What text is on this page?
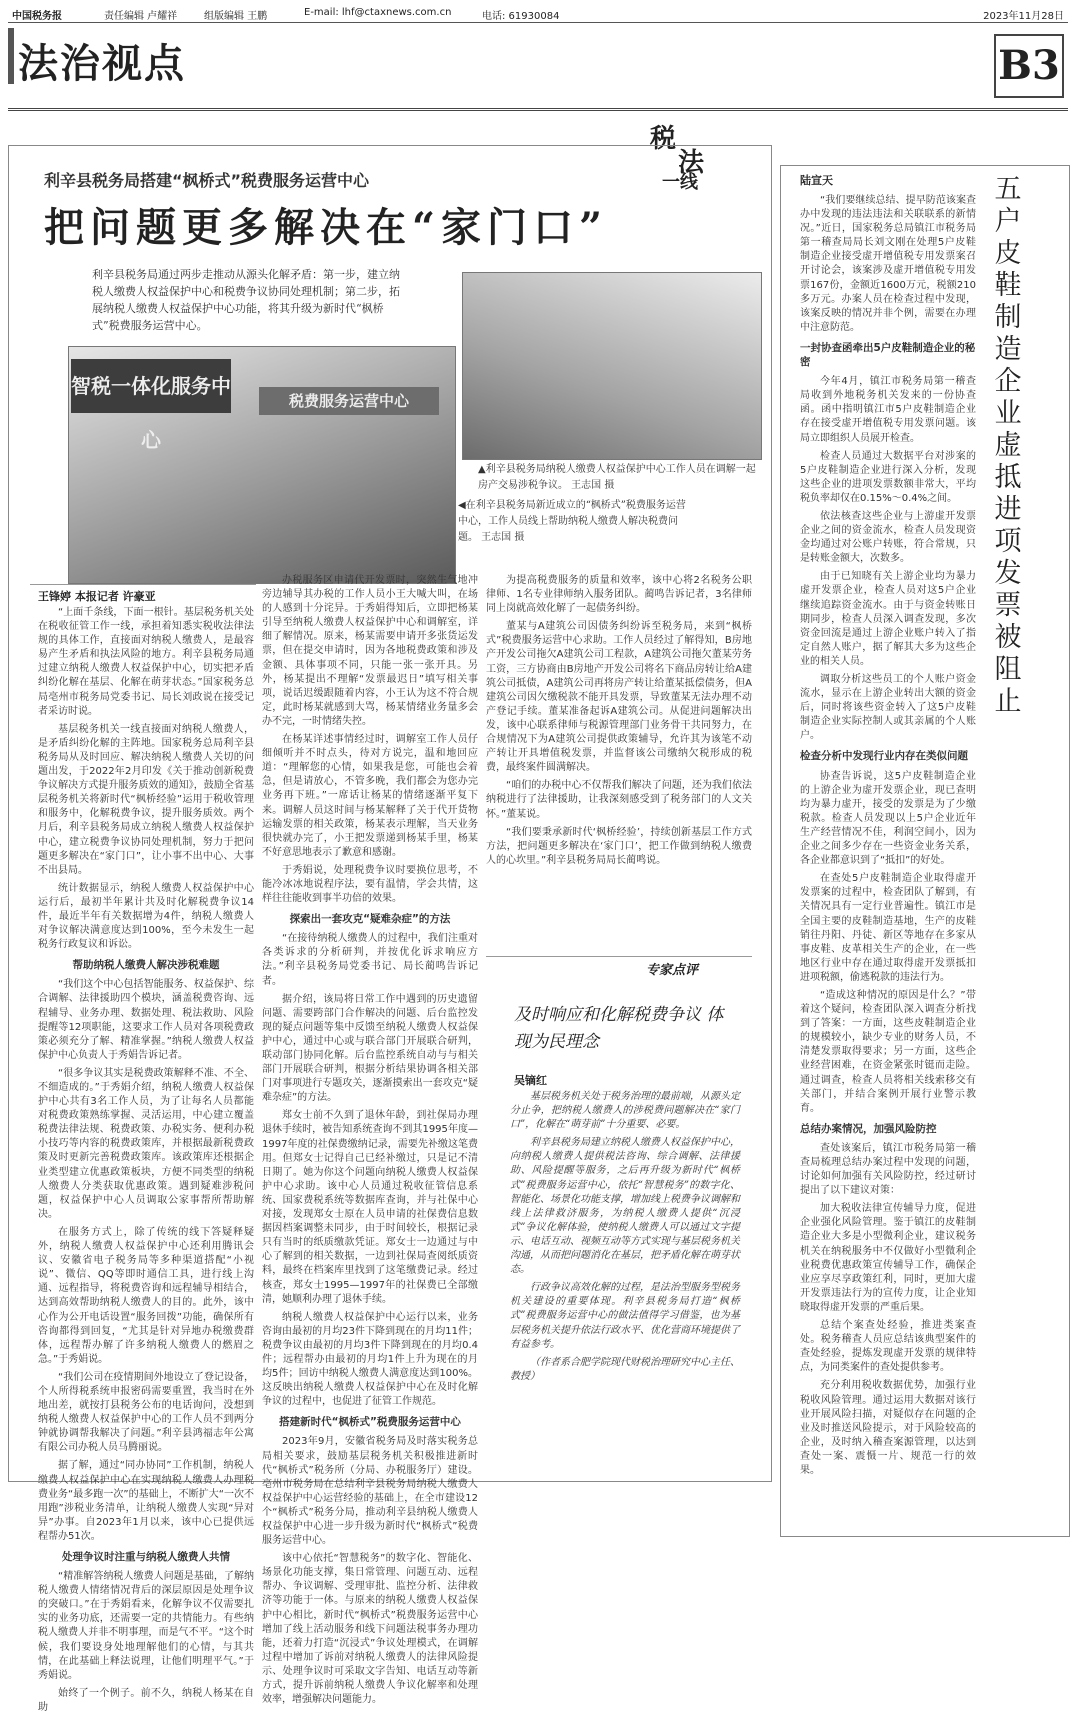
中国税务报	责任编辑 卢耀祥	组版编辑 王鹏	E-mail: lhf@ctaxnews.com.cn	电话: 61930084	2023年11月28日
法治视点	B3
税
法
一线
利辛县税务局搭建“枫桥式”税费服务运营中心
把问题更多解决在“家门口”
利辛县税务局通过两步走推动从源头化解矛盾：第一步，建立纳税人缴费人权益保护中心和税费争议协同处理机制；第二步，拓展纳税人缴费人权益保护中心功能，将其升级为新时代“枫桥式”税费服务运营中心。
智税一体化服务中心
税费服务运营中心
▲利辛县税务局纳税人缴费人权益保护中心工作人员在调解一起房产交易涉税争议。 王志国 摄
◀在利辛县税务局新近成立的“枫桥式”税费服务运营中心，工作人员线上帮助纳税人缴费人解决税费问题。 王志国 摄
王锋婷 本报记者 许豪亚

“上面千条线，下面一根针。基层税务机关处在税收征管工作一线，承担着知悉实税收法律法规的具体工作，直接面对纳税人缴费人，是最容易产生矛盾和执法风险的地方。利辛县税务局通过建立纳税人缴费人权益保护中心，切实把矛盾纠纷化解在基层、化解在萌芽状态。”国家税务总局亳州市税务局党委书记、局长刘政说在接受记者采访时说。

基层税务机关一线直接面对纳税人缴费人，是矛盾纠纷化解的主阵地。国家税务总局利辛县税务局从及时回应、解决纳税人缴费人关切的问题出发，于2022年2月印发《关于推动创新税费争议解决方式提升服务质效的通知》，鼓励全省基层税务机关将新时代“枫桥经验”运用于税收管理和服务中，化解税费争议，提升服务质效。两个月后，利辛县税务局成立纳税人缴费人权益保护中心，建立税费争议协同处理机制，努力于把问题更多解决在“家门口”，让小事不出中心、大事不出县局。

统计数据显示，纳税人缴费人权益保护中心运行后，最初半年累计共及时化解税费争议14件，最近半年有关数据增为4件，纳税人缴费人对争议解决满意度达到100%，至今未发生一起税务行政复议和诉讼。

帮助纳税人缴费人解决涉税难题

“我们这个中心包括智能服务、权益保护、综合调解、法律援助四个模块，涵盖税费咨询、远程辅导、业务办理、数据处理、税法救助、风险提醒等12项职能，这要求工作人员对各项税费政策必须充分了解、精准掌握。”纳税人缴费人权益保护中心负责人于秀娟告诉记者。

“很多争议其实是税费政策解释不准、不全、不细造成的。”于秀娟介绍，纳税人缴费人权益保护中心共有3名工作人员，为了让每名人员都能对税费政策熟练掌握、灵活运用，中心建立覆盖税费法律法规、税费政策、办税实务、便利办税小技巧等内容的税费政策库，并根据最新税费政策及时更新完善税费政策库。该政策库还根据企业类型建立优惠政策板块，方便不同类型的纳税人缴费人分类获取优惠政策。遇到疑难涉税问题，权益保护中心人员调取公家事帮所帮助解决。

在服务方式上，除了传统的线下答疑释疑外，纳税人缴费人权益保护中心还利用腾讯会议、安徽省电子税务局等多种渠道搭配“小视说”、微信、QQ等即时通信工具，进行线上沟通、远程指导，将税费咨询和远程辅导相结合，达到高效帮助纳税人缴费人的目的。此外，该中心作为公开电话设置“服务回拨”功能，确保所有咨询都得到回复，“尤其是针对异地办税缴费群体，远程帮办解了许多纳税人缴费人的燃眉之急。”于秀娟说。

“我们公司在疫情期间外地设立了登记设备，个人所得税系统申报密码需要重置，我当时在外地出差，就按打县税务公布的电话询问，没想到纳税人缴费人权益保护中心的工作人员不到两分钟就协调帮我解决了问题。”利辛县鸿福志年公寓有限公司办税人员马腾丽说。

据了解，通过“同办协同”工作机制，纳税人缴费人权益保护中心在实现纳税人缴费人办理税费业务“最多跑一次”的基础上，不断扩大“一次不用跑”涉税业务清单，让纳税人缴费人实现“异对异”办事。自2023年1月以来，该中心已提供远程帮办51次。

处理争议时注重与纳税人缴费人共情

“精准解答纳税人缴费人问题是基础，了解纳税人缴费人情绪情况背后的深层原因是处理争议的突破口。”在于秀娟看来，化解争议不仅需要扎实的业务功底，还需要一定的共情能力。有些纳税人缴费人并非不明事理，而是气不平。“这个时候，我们要设身处地理解他们的心情，与其共情，在此基础上释法说理，让他们明理平气。”于秀娟说。

始终了一个例子。前不久，纳税人杨某在自助

办税服务区申请代开发票时，突然生气地冲旁边辅导其办税的工作人员小王大喊大叫，在场的人感到十分诧异。于秀娟得知后，立即把杨某引导至纳税人缴费人权益保护中心和调解室，详细了解情况。原来，杨某需要申请开多张货运发票，但在提交申请时，因为各地税费政策和涉及金额、具体事项不同，只能一张一张开具。另外，杨某提出不理解“发票最迟日”填写相关事项，说话迟缓跟随着内容，小王认为这不符合规定，此时杨某就感到大骂，杨某情绪业务量多会办不完，一时情绪失控。

在杨某详述事情经过时，调解室工作人员仔细倾听并不时点头，待对方说完，温和地回应道：“理解您的心情，如果我是您，可能也会着急，但是请放心，不管多晚，我们都会为您办完业务再下班。”一席话让杨某的情绪逐渐平复下来。调解人员这时间与杨某解释了关于代开货物运输发票的相关政策，杨某表示理解，当天业务很快就办完了，小王把发票递到杨某手里，杨某不好意思地表示了歉意和感谢。

于秀娟说，处理税费争议时要换位思考，不能冷冰冰地说程序法，要有温情，学会共情，这样往往能收到事半功倍的效果。

探索出一套攻克“疑难杂症”的方法

“在接待纳税人缴费人的过程中，我们注重对各类诉求的分析研判，并按优化诉求响应方法。”利辛县税务局党委书记、局长蔺鸣告诉记者。

据介绍，该局将日常工作中遇到的历史遗留问题、需要跨部门合作解决的问题、后台监控发现的疑点问题等集中反馈至纳税人缴费人权益保护中心，通过中心或与联合部门开展联合研判，联动部门协同化解。后台监控系统自动与与相关部门开展联合研判，根据分析结果协调各相关部门对事项进行专题攻关，逐渐摸索出一套攻克“疑难杂症”的方法。

郑女士前不久到了退休年龄，到社保局办理退休手续时，被告知系统查询不到其1995年度—1997年度的社保费缴纳记录，需要先补缴这笔费用。但郑女士记得自己已经补缴过，只是记不清日期了。她为你这个问题向纳税人缴费人权益保护中心求助。该中心人员通过税收征管信息系统、国家费税系统等数据库查询，并与社保中心对接，发现郑女士原在人员申请的社保费信息数据因档案调整未同步，由于时间较长，根据记录只有当时的纸质缴款凭证。郑女士一边通过与中心了解到的相关数据，一边到社保局查阅纸质资料，最终在档案库里找到了这笔缴费记录。经过核查，郑女士1995—1997年的社保费已全部缴清，她顺利办理了退休手续。

纳税人缴费人权益保护中心运行以来，业务咨询由最初的月均23件下降到现在的月均11件；税费争议由最初的月均3件下降到现在的月均0.4件；远程帮办由最初的月均1件上升为现在的月均5件；回访中纳税人缴费人满意度达到100%。这反映出纳税人缴费人权益保护中心在及时化解争议的过程中，也促进了征管工作规范。

搭建新时代“枫桥式”税费服务运营中心

2023年9月，安徽省税务局及时落实税务总局相关要求，鼓励基层税务机关积极推进新时代“枫桥式”税务所（分局、办税服务厅）建设。亳州市税务局在总结利辛县税务局纳税人缴费人权益保护中心运营经验的基础上，在全市建设12个“枫桥式”税务分局，推动利辛县纳税人缴费人权益保护中心进一步升级为新时代“枫桥式”税费服务运营中心。

该中心依托“智慧税务”的数字化、智能化、场景化功能支撑，集日常管理、问题互动、远程帮办、争议调解、受理审批、监控分析、法律救济等功能于一体。与原来的纳税人缴费人权益保护中心相比，新时代“枫桥式”税费服务运营中心增加了线上活动服务和线下问题法税事务办理功能，还着力打造“沉浸式”争议处理模式，在调解过程中增加了诉前对纳税人缴费人的法律风险提示、处理争议时可采取文字告知、电话互动等新方式，提升诉前纳税人缴费人争议化解率和处理效率，增强解决问题能力。

为提高税费服务的质量和效率，该中心将2名税务公职律师、1名专业律师纳入服务团队。蔺鸣告诉记者，3名律师同上岗就高效化解了一起债务纠纷。

董某与A建筑公司因债务纠纷诉至税务局，来到“枫桥式”税费服务运营中心求助。工作人员经过了解得知，B房地产开发公司拖欠A建筑公司工程款，A建筑公司拖欠董某劳务工资，三方协商由B房地产开发公司将名下商品房转让给A建筑公司抵债，A建筑公司再将房产转让给董某抵偿债务，但A建筑公司因欠缴税款不能开具发票，导致董某无法办理不动产登记手续。董某准备起诉A建筑公司。从促进问题解决出发，该中心联系律师与税源管理部门业务骨干共同努力，在合规情况下为A建筑公司提供政策辅导，允许其为该笔不动产转让开具增值税发票，并监督该公司缴纳欠税形成的税费，最终案件圆满解决。

“咱们的办税中心不仅帮我们解决了问题，还为我们依法纳税进行了法律援助，让我深刻感受到了税务部门的人文关怀。”董某说。

“我们要秉承新时代‘枫桥经验’，持续创新基层工作方式方法，把问题更多解决在‘家门口’，把工作做到纳税人缴费人的心坎里。”利辛县税务局局长蔺鸣说。

专家点评
及时响应和化解税费争议 体现为民理念
吴镝红

基层税务机关处于税务治理的最前端，从源头定分止争，把纳税人缴费人的涉税费问题解决在“家门口”，化解在“萌芽前”十分重要、必要。

利辛县税务局建立纳税人缴费人权益保护中心，向纳税人缴费人提供税法咨询、综合调解、法律援助、风险提醒等服务，之后再升级为新时代“枫桥式”税费服务运营中心，依托“智慧税务”的数字化、智能化、场景化功能支撑，增加线上税费争议调解和线上法律救济服务，为纳税人缴费人提供“沉浸式”争议化解体验，使纳税人缴费人可以通过文字提示、电话互动、视频互动等方式实现与基层税务机关沟通，从而把问题消化在基层，把矛盾化解在萌芽状态。

行政争议高效化解的过程，是法治型服务型税务机关建设的重要体现。利辛县税务局打造“枫桥式”税费服务运营中心的做法值得学习借鉴，也为基层税务机关提升依法行政水平、优化营商环境提供了有益参考。

（作者系合肥学院现代财税治理研究中心主任、教授）

陆宣天	五户皮鞋制造企业虚抵进项发票被阻止

“我们要继续总结、提早防范该案查办中发现的违法违法和关联联系的新情况。”近日，国家税务总局镇江市税务局第一稽查局局长刘文刚在处理5户皮鞋制造企业接受虚开增值税专用发票案召开讨论会，该案涉及虚开增值税专用发票167份，金额近1600万元，税额210多万元。办案人员在检查过程中发现，该案反映的情况并非个例，需要在办理中注意防范。

一封协查函牵出5户皮鞋制造企业的秘密

今年4月，镇江市税务局第一稽查局收到外地税务机关发来的一份协查函。函中指明镇江市5户皮鞋制造企业存在接受虚开增值税专用发票问题。该局立即组织人员展开检查。

检查人员通过大数据平台对涉案的5户皮鞋制造企业进行深入分析，发现这些企业的进项发票数额非常大，平均税负率却仅在0.15%～0.4%之间。

依法核查这些企业与上游虚开发票企业之间的资金流水，检查人员发现资金均通过对公账户转账，符合常规，只是转账金额大，次数多。

由于已知晓有关上游企业均为暴力虚开发票企业，检查人员对这5户企业继续追踪资金流水。由于与资金转账日期同步，检查人员深入调查发现，多次资金回流是通过上游企业账户转入了指定自然人账户，据了解其大多为这些企业的相关人员。

调取分析这些员工的个人账户资金流水，显示在上游企业转出大额的资金后，同时将该些资金转入了这5户皮鞋制造企业实际控制人或其亲属的个人账户。

检查分析中发现行业内存在类似问题

协查告诉说，这5户皮鞋制造企业的上游企业为虚开发票企业，现已查明均为暴力虚开，接受的发票是为了少缴税款。检查人员发现以上5户企业近年生产经营情况不佳，利润空间小，因为企业之间多少存在一些资金业务关系，各企业都意识到了“抵扣”的好处。

在查处5户皮鞋制造企业取得虚开发票案的过程中，检查团队了解到，有关情况具有一定行业普遍性。镇江市是全国主要的皮鞋制造基地，生产的皮鞋销往丹阳、丹徒、新区等地存在多家从事皮鞋、皮革相关生产的企业，在一些地区行业中存在通过取得虚开发票抵扣进项税额，偷逃税款的违法行为。

“造成这种情况的原因是什么？”带着这个疑问，检查团队深入调查分析找到了答案：一方面，这些皮鞋制造企业的规模较小，缺少专业的财务人员，不清楚发票取得要求；另一方面，这些企业经营困难，在资金紧张时铤而走险。通过调查，检查人员将相关线索移交有关部门，并结合案例开展行业警示教育。

总结办案情况，加强风险防控

查处该案后，镇江市税务局第一稽查局梳理总结办案过程中发现的问题，讨论如何加强有关风险防控，经过研讨提出了以下建议对策：

加大税收法律宣传辅导力度，促进企业强化风险管理。鉴于镇江的皮鞋制造企业大多是小型微利企业，建议税务机关在纳税服务中不仅做好小型微利企业税费优惠政策宣传辅导工作，确保企业应享尽享政策红利，同时，更加大虚开发票违法行为的宣传力度，让企业知晓取得虚开发票的严重后果。

总结个案查处经验，推进类案查处。税务稽查人员应总结该典型案件的查处经验，提炼发现虚开发票的规律特点，为同类案件的查处提供参考。

充分利用税收数据优势，加强行业税收风险管理。通过运用大数据对该行业开展风险扫描，对疑似存在问题的企业及时推送风险提示，对于风险较高的企业，及时纳入稽查案源管理，以达到查处一案、震慑一片、规范一行的效果。
